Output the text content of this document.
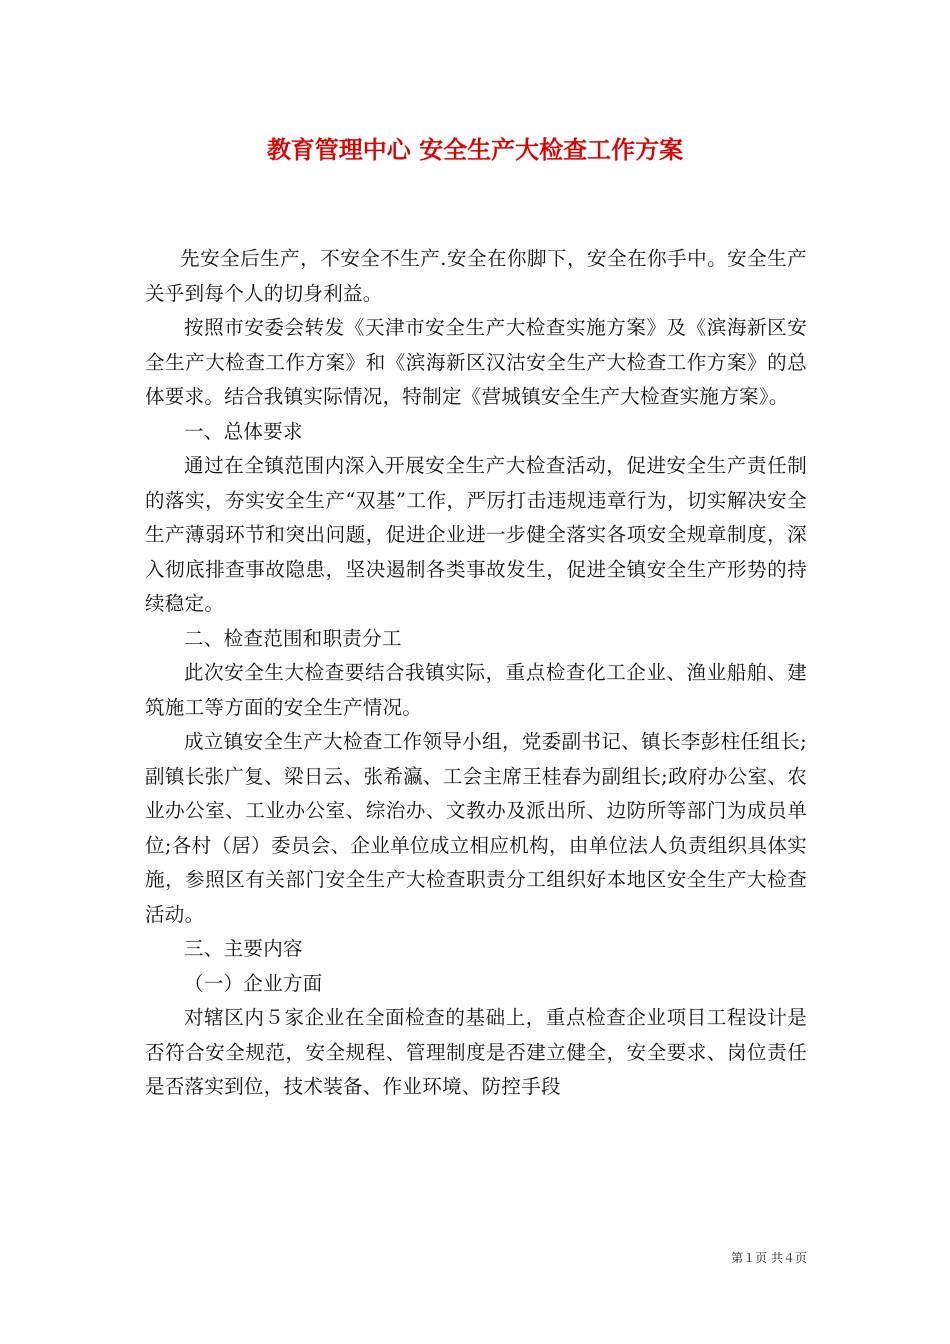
教育管理中心 安全生产大检查工作方案

先安全后生产，不安全不生产.安全在你脚下，安全在你手中。安全生产关乎到每个人的切身利益。

按照市安委会转发《天津市安全生产大检查实施方案》及《滨海新区安全生产大检查工作方案》和《滨海新区汉沽安全生产大检查工作方案》的总体要求。结合我镇实际情况，特制定《营城镇安全生产大检查实施方案》。

一、总体要求

通过在全镇范围内深入开展安全生产大检查活动，促进安全生产责任制的落实，夯实安全生产“双基”工作，严厉打击违规违章行为，切实解决安全生产薄弱环节和突出问题，促进企业进一步健全落实各项安全规章制度，深入彻底排查事故隐患，坚决遏制各类事故发生，促进全镇安全生产形势的持续稳定。

二、检查范围和职责分工

此次安全生大检查要结合我镇实际，重点检查化工企业、渔业船舶、建筑施工等方面的安全生产情况。

成立镇安全生产大检查工作领导小组，党委副书记、镇长李彭柱任组长;副镇长张广复、梁日云、张希瀛、工会主席王桂春为副组长;政府办公室、农业办公室、工业办公室、综治办、文教办及派出所、边防所等部门为成员单位;各村（居）委员会、企业单位成立相应机构，由单位法人负责组织具体实施，参照区有关部门安全生产大检查职责分工组织好本地区安全生产大检查活动。

三、主要内容

（一）企业方面

对辖区内５家企业在全面检查的基础上，重点检查企业项目工程设计是否符合安全规范，安全规程、管理制度是否建立健全，安全要求、岗位责任是否落实到位，技术装备、作业环境、防控手段

第１页 共４页
